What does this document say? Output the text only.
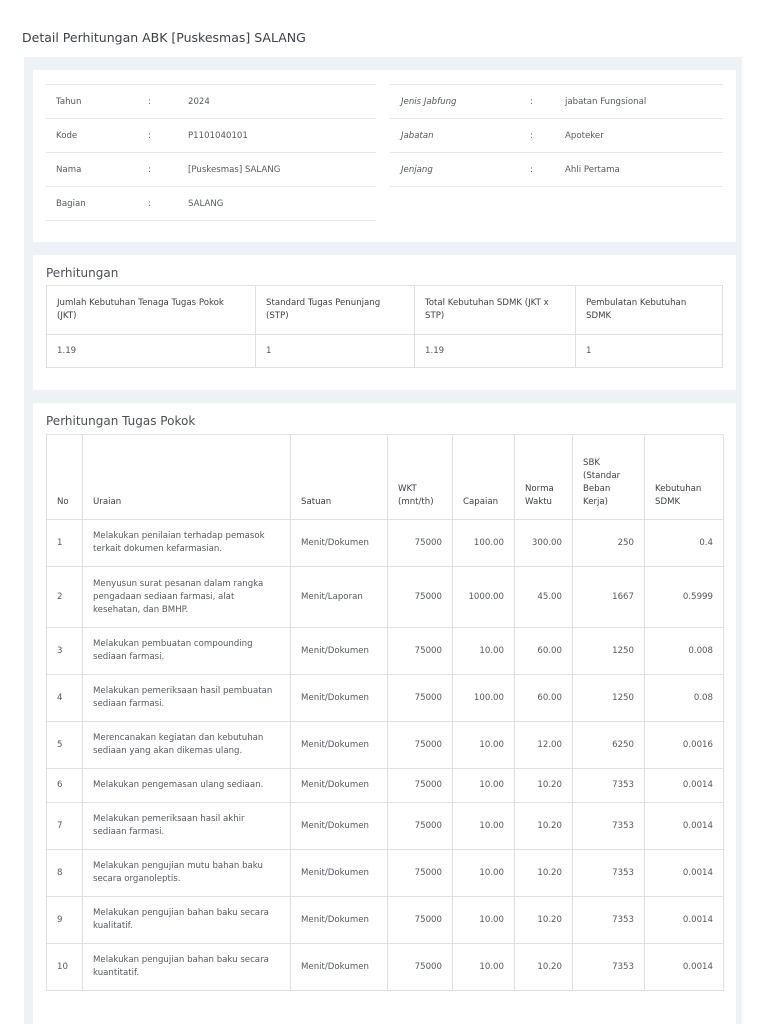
Detail Perhitungan ABK [Puskesmas] SALANG
Tahun	:	2024
Kode	:	P1101040101
Nama	:	[Puskesmas] SALANG
Bagian	:	SALANG
Jenis Jabfung	:	jabatan Fungsional
Jabatan	:	Apoteker
Jenjang	:	Ahli Pertama
Perhitungan
Jumlah Kebutuhan Tenaga Tugas Pokok (JKT)	Standard Tugas Penunjang (STP)	Total Kebutuhan SDMK (JKT x STP)	Pembulatan Kebutuhan SDMK
1.19	1	1.19	1
Perhitungan Tugas Pokok
No	Uraian	Satuan	WKT (mnt/th)	Capaian	Norma Waktu	SBK (Standar Beban Kerja)	Kebutuhan SDMK
1	Melakukan penilaian terhadap pemasok terkait dokumen kefarmasian.	Menit/Dokumen	75000	100.00	300.00	250	0.4
2	Menyusun surat pesanan dalam rangka pengadaan sediaan farmasi, alat kesehatan, dan BMHP.	Menit/Laporan	75000	1000.00	45.00	1667	0.5999
3	Melakukan pembuatan compounding sediaan farmasi.	Menit/Dokumen	75000	10.00	60.00	1250	0.008
4	Melakukan pemeriksaan hasil pembuatan sediaan farmasi.	Menit/Dokumen	75000	100.00	60.00	1250	0.08
5	Merencanakan kegiatan dan kebutuhan sediaan yang akan dikemas ulang.	Menit/Dokumen	75000	10.00	12.00	6250	0.0016
6	Melakukan pengemasan ulang sediaan.	Menit/Dokumen	75000	10.00	10.20	7353	0.0014
7	Melakukan pemeriksaan hasil akhir sediaan farmasi.	Menit/Dokumen	75000	10.00	10.20	7353	0.0014
8	Melakukan pengujian mutu bahan baku secara organoleptis.	Menit/Dokumen	75000	10.00	10.20	7353	0.0014
9	Melakukan pengujian bahan baku secara kualitatif.	Menit/Dokumen	75000	10.00	10.20	7353	0.0014
10	Melakukan pengujian bahan baku secara kuantitatif.	Menit/Dokumen	75000	10.00	10.20	7353	0.0014
